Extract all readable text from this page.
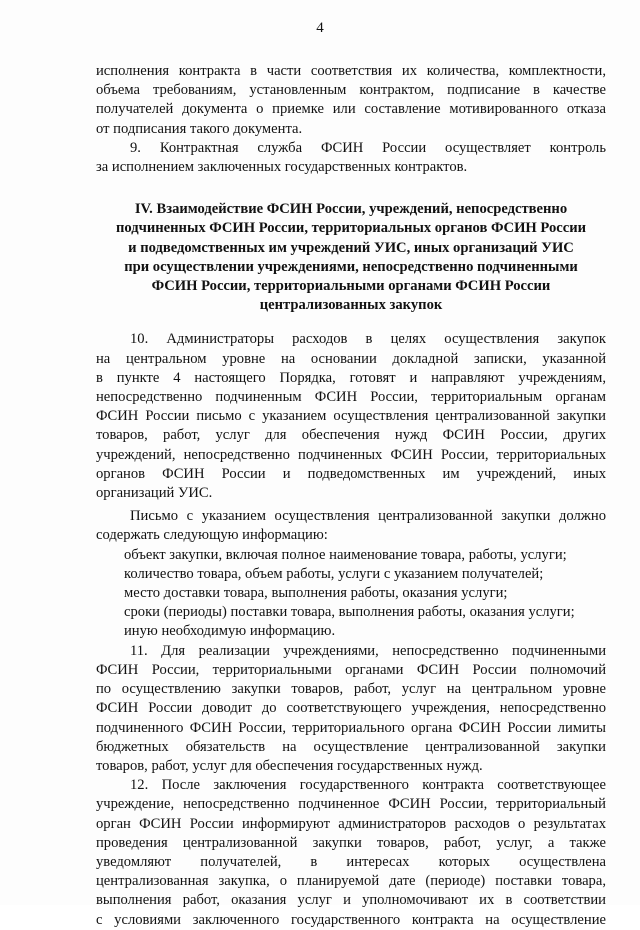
4

исполнения контракта в части соответствия их количества, комплектности,
объема требованиям, установленным контрактом, подписание в качестве
получателей документа о приемке или составление мотивированного отказа
от подписания такого документа.

9. Контрактная служба ФСИН России осуществляет контроль
за исполнением заключенных государственных контрактов.

IV. Взаимодействие ФСИН России, учреждений, непосредственно
подчиненных ФСИН России, территориальных органов ФСИН России
и подведомственных им учреждений УИС, иных организаций УИС
при осуществлении учреждениями, непосредственно подчиненными
ФСИН России, территориальными органами ФСИН России
централизованных закупок

10. Администраторы расходов в целях осуществления закупок
на центральном уровне на основании докладной записки, указанной
в пункте 4 настоящего Порядка, готовят и направляют учреждениям,
непосредственно подчиненным ФСИН России, территориальным органам
ФСИН России письмо с указанием осуществления централизованной закупки
товаров, работ, услуг для обеспечения нужд ФСИН России, других
учреждений, непосредственно подчиненных ФСИН России, территориальных
органов ФСИН России и подведомственных им учреждений, иных
организаций УИС.

Письмо с указанием осуществления централизованной закупки должно
содержать следующую информацию:

объект закупки, включая полное наименование товара, работы, услуги;
количество товара, объем работы, услуги с указанием получателей;
место доставки товара, выполнения работы, оказания услуги;
сроки (периоды) поставки товара, выполнения работы, оказания услуги;
иную необходимую информацию.

11. Для реализации учреждениями, непосредственно подчиненными
ФСИН России, территориальными органами ФСИН России полномочий
по осуществлению закупки товаров, работ, услуг на центральном уровне
ФСИН России доводит до соответствующего учреждения, непосредственно
подчиненного ФСИН России, территориального органа ФСИН России лимиты
бюджетных обязательств на осуществление централизованной закупки
товаров, работ, услуг для обеспечения государственных нужд.

12. После заключения государственного контракта соответствующее
учреждение, непосредственно подчиненное ФСИН России, территориальный
орган ФСИН России информируют администраторов расходов о результатах
проведения централизованной закупки товаров, работ, услуг, а также
уведомляют получателей, в интересах которых осуществлена
централизованная закупка, о планируемой дате (периоде) поставки товара,
выполнения работ, оказания услуг и уполномочивают их в соответствии
с условиями заключенного государственного контракта на осуществление
